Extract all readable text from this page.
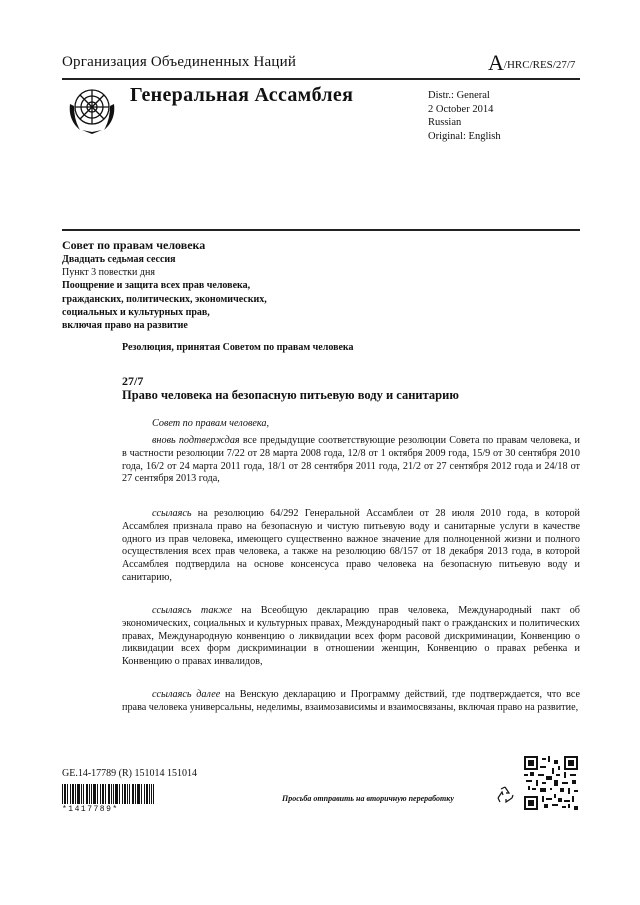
Организация Объединенных Наций	A/HRC/RES/27/7
Генеральная Ассамблея	Distr.: General
2 October 2014
Russian
Original: English
Совет по правам человека
Двадцать седьмая сессия
Пункт 3 повестки дня
Поощрение и защита всех прав человека,
гражданских, политических, экономических,
социальных и культурных прав,
включая право на развитие
Резолюция, принятая Советом по правам человека
27/7
Право человека на безопасную питьевую воду и санитарию
Совет по правам человека,
вновь подтверждая все предыдущие соответствующие резолюции Совета по правам человека, и в частности резолюции 7/22 от 28 марта 2008 года, 12/8 от 1 октября 2009 года, 15/9 от 30 сентября 2010 года, 16/2 от 24 марта 2011 года, 18/1 от 28 сентября 2011 года, 21/2 от 27 сентября 2012 года и 24/18 от 27 сентября 2013 года,
ссылаясь на резолюцию 64/292 Генеральной Ассамблеи от 28 июля 2010 года, в которой Ассамблея признала право на безопасную и чистую питьевую воду и санитарные услуги в качестве одного из прав человека, имеющего существенно важное значение для полноценной жизни и полного осуществления всех прав человека, а также на резолюцию 68/157 от 18 декабря 2013 года, в которой Ассамблея подтвердила на основе консенсуса право человека на безопасную питьевую воду и санитарию,
ссылаясь также на Всеобщую декларацию прав человека, Международный пакт об экономических, социальных и культурных правах, Международный пакт о гражданских и политических правах, Международную конвенцию о ликвидации всех форм расовой дискриминации, Конвенцию о ликвидации всех форм дискриминации в отношении женщин, Конвенцию о правах ребенка и Конвенцию о правах инвалидов,
ссылаясь далее на Венскую декларацию и Программу действий, где подтверждается, что все права человека универсальны, неделимы, взаимозависимы и взаимосвязаны, включая право на развитие,
GE.14-17789 (R) 151014 151014
*1417789*
Просьба отправить на вторичную переработку
